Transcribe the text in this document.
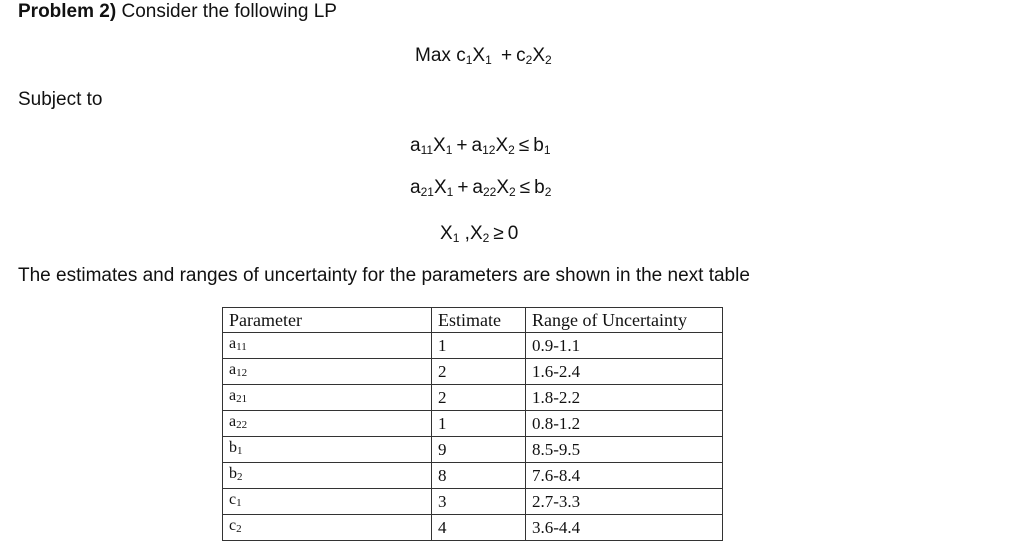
Problem 2) Consider the following LP
Max $c_1X_1 + c_2X_2$
Subject to
$a_{11}X_1 + a_{12}X_2 \le b_1$
$a_{21}X_1 + a_{22}X_2 \le b_2$
$X_1$ $,X_2 \ge 0$
The estimates and ranges of uncertainty for the parameters are shown in the next table
Parameter	Estimate	Range of Uncertainty
$a_{11}$	1	0.9-1.1
$a_{12}$	2	1.6-2.4
$a_{21}$	2	1.8-2.2
$a_{22}$	1	0.8-1.2
$b_1$	9	8.5-9.5
$b_2$	8	7.6-8.4
$c_1$	3	2.7-3.3
$c_2$	4	3.6-4.4
